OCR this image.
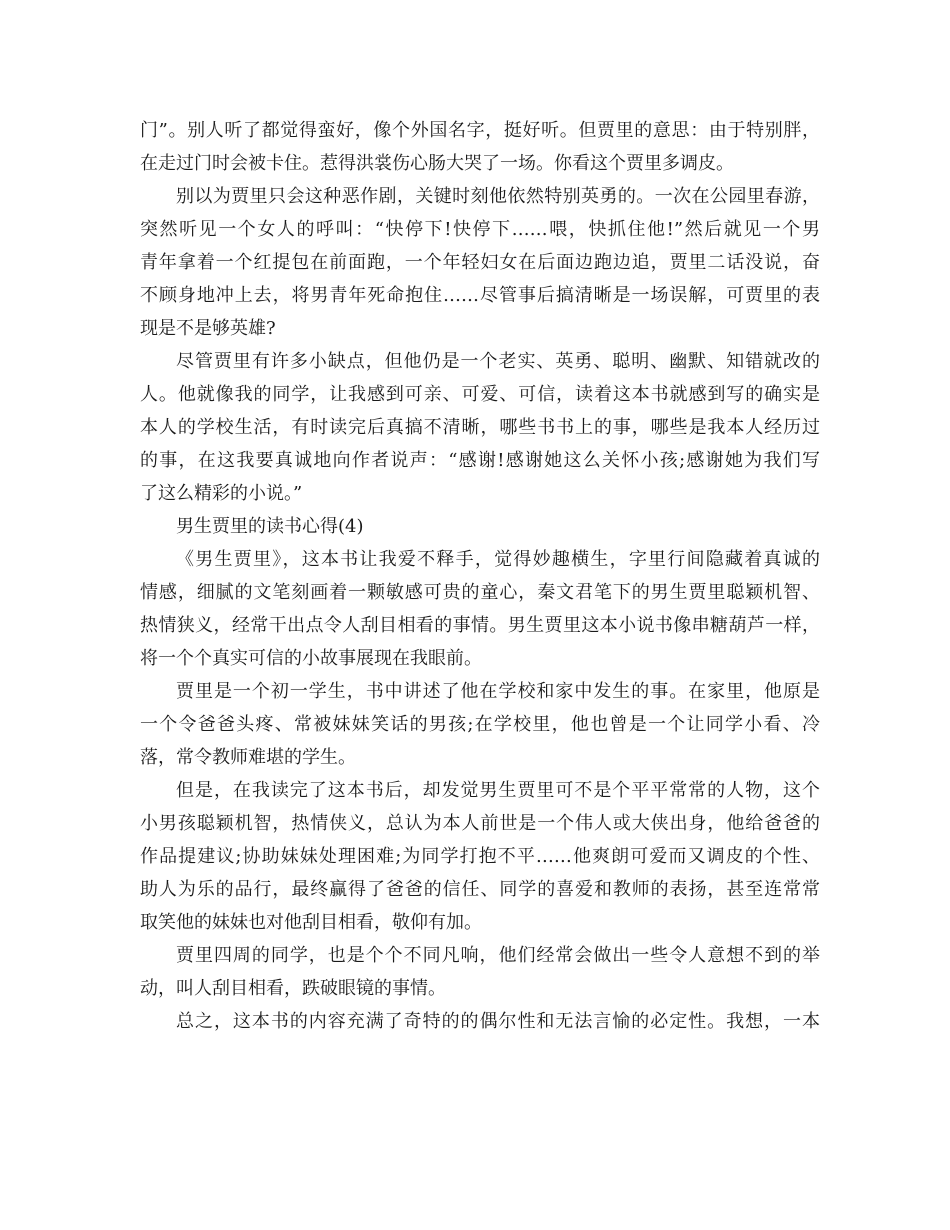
门”。别人听了都觉得蛮好，像个外国名字，挺好听。但贾里的意思：由于特别胖，
在走过门时会被卡住。惹得洪裳伤心肠大哭了一场。你看这个贾里多调皮。
别以为贾里只会这种恶作剧，关键时刻他依然特别英勇的。一次在公园里春游，
突然听见一个女人的呼叫：“快停下!快停下……喂，快抓住他!”然后就见一个男
青年拿着一个红提包在前面跑，一个年轻妇女在后面边跑边追，贾里二话没说，奋
不顾身地冲上去，将男青年死命抱住……尽管事后搞清晰是一场误解，可贾里的表
现是不是够英雄?
尽管贾里有许多小缺点，但他仍是一个老实、英勇、聪明、幽默、知错就改的
人。他就像我的同学，让我感到可亲、可爱、可信，读着这本书就感到写的确实是
本人的学校生活，有时读完后真搞不清晰，哪些书书上的事，哪些是我本人经历过
的事，在这我要真诚地向作者说声：“感谢!感谢她这么关怀小孩;感谢她为我们写
了这么精彩的小说。”
男生贾里的读书心得(4)
《男生贾里》，这本书让我爱不释手，觉得妙趣横生，字里行间隐藏着真诚的
情感，细腻的文笔刻画着一颗敏感可贵的童心，秦文君笔下的男生贾里聪颖机智、
热情狭义，经常干出点令人刮目相看的事情。男生贾里这本小说书像串糖葫芦一样，
将一个个真实可信的小故事展现在我眼前。
贾里是一个初一学生，书中讲述了他在学校和家中发生的事。在家里，他原是
一个令爸爸头疼、常被妹妹笑话的男孩;在学校里，他也曾是一个让同学小看、冷
落，常令教师难堪的学生。
但是，在我读完了这本书后，却发觉男生贾里可不是个平平常常的人物，这个
小男孩聪颖机智，热情侠义，总认为本人前世是一个伟人或大侠出身，他给爸爸的
作品提建议;协助妹妹处理困难;为同学打抱不平……他爽朗可爱而又调皮的个性、
助人为乐的品行，最终赢得了爸爸的信任、同学的喜爱和教师的表扬，甚至连常常
取笑他的妹妹也对他刮目相看，敬仰有加。
贾里四周的同学，也是个个不同凡响，他们经常会做出一些令人意想不到的举
动，叫人刮目相看，跌破眼镜的事情。
总之，这本书的内容充满了奇特的的偶尔性和无法言愉的必定性。我想，一本
